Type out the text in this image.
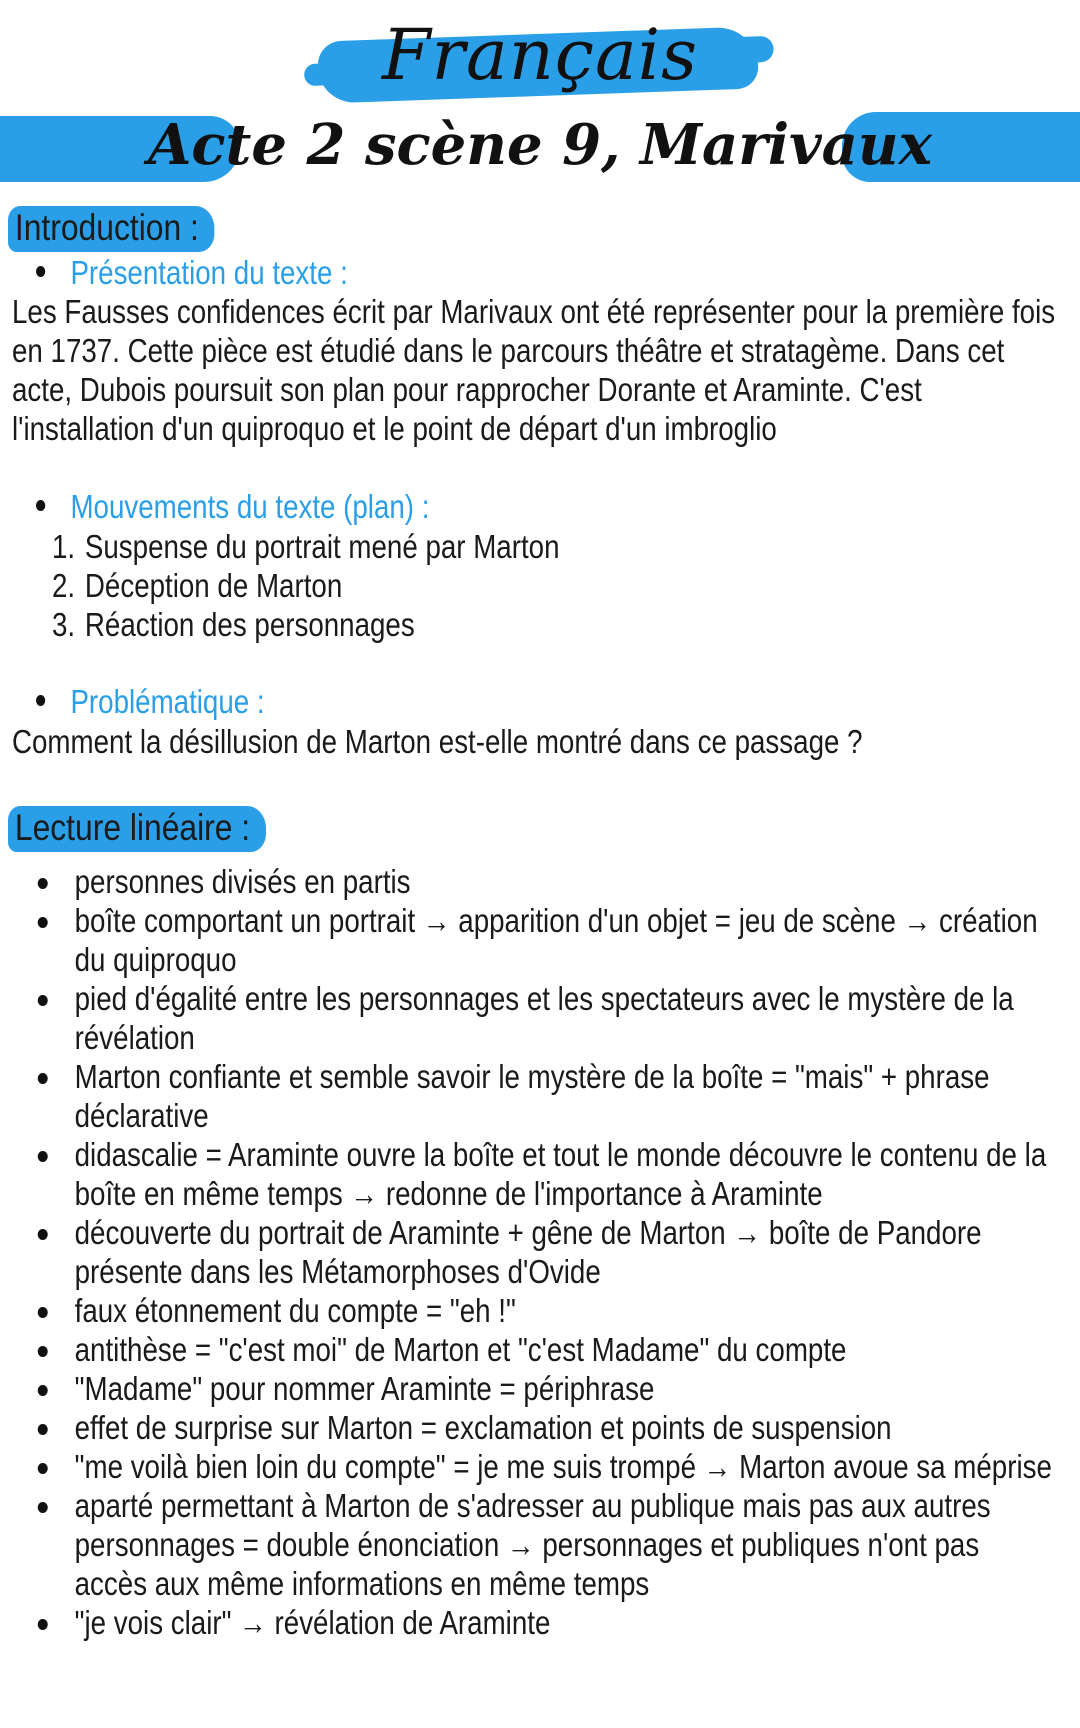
Français
Acte 2 scène 9, Marivaux
Introduction :
Présentation du texte :

Les Fausses confidences écrit par Marivaux ont été représenter pour la première fois en 1737. Cette pièce est étudié dans le parcours théâtre et stratagème. Dans cet acte, Dubois poursuit son plan pour rapprocher Dorante et Araminte. C'est l'installation d'un quiproquo et le point de départ d'un imbroglio

Mouvements du texte (plan) :
1. Suspense du portrait mené par Marton
2. Déception de Marton
3. Réaction des personnages
Problématique :

Comment la désillusion de Marton est-elle montré dans ce passage ?

Lecture linéaire :
personnes divisés en partis
boîte comportant un portrait → apparition d'un objet = jeu de scène → création du quiproquo
pied d'égalité entre les personnages et les spectateurs avec le mystère de la révélation
Marton confiante et semble savoir le mystère de la boîte = "mais" + phrase déclarative
didascalie = Araminte ouvre la boîte et tout le monde découvre le contenu de la boîte en même temps → redonne de l'importance à Araminte
découverte du portrait de Araminte + gêne de Marton → boîte de Pandore présente dans les Métamorphoses d'Ovide
faux étonnement du compte = "eh !"
antithèse = "c'est moi" de Marton et "c'est Madame" du compte
"Madame" pour nommer Araminte = périphrase
effet de surprise sur Marton = exclamation et points de suspension
"me voilà bien loin du compte" = je me suis trompé → Marton avoue sa méprise
aparté permettant à Marton de s'adresser au publique mais pas aux autres personnages = double énonciation → personnages et publiques n'ont pas accès aux même informations en même temps
"je vois clair" → révélation de Araminte
